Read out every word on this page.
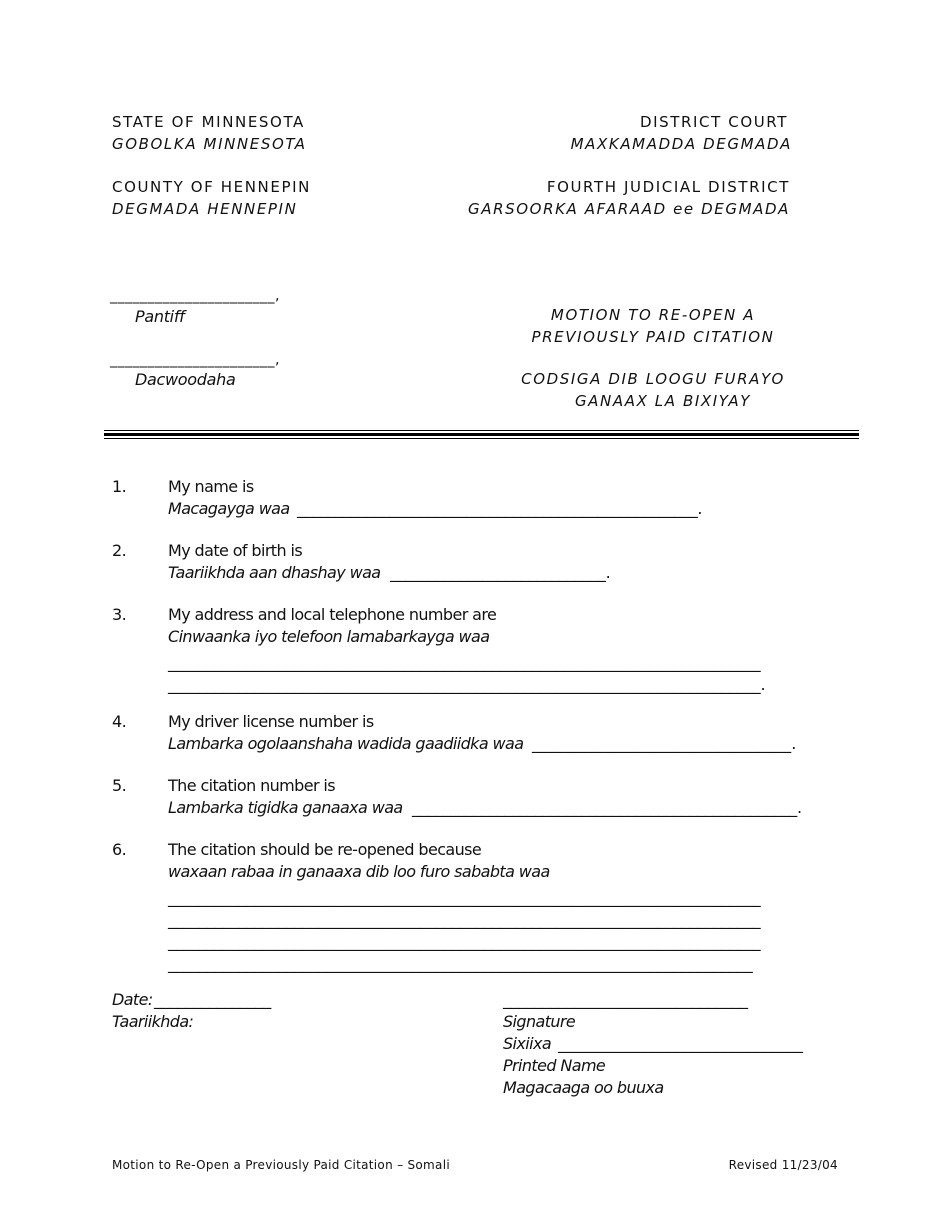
STATE OF MINNESOTA
GOBOLKA MINNESOTA
COUNTY OF HENNEPIN
DEGMADA HENNEPIN
DISTRICT COURT
MAXKAMADDA DEGMADA
FOURTH JUDICIAL DISTRICT
GARSOORKA AFARAAD ee DEGMADA
______________________,
Pantiff
______________________,
Dacwoodaha
MOTION TO RE-OPEN A
PREVIOUSLY PAID CITATION
CODSIGA DIB LOOGU FURAYO
GANAAX LA BIXIYAY
1.	My name is
Macagayga waa ____________________________________________________.
2.	My date of birth is
Taariikhda aan dhashay waa ____________________________.
3.	My address and local telephone number are
Cinwaanka iyo telefoon lamabarkayga waa
___________________________________________________________________________
___________________________________________________________________________.
4.	My driver license number is
Lambarka ogolaanshaha wadida gaadiidka waa ________________________________.
5.	The citation number is
Lambarka tigidka ganaaxa waa __________________________________________________.
6.	The citation should be re-opened because
waxaan rabaa in ganaaxa dib loo furo sababta waa
___________________________________________________________________________
___________________________________________________________________________
___________________________________________________________________________
__________________________________________________________________________
Date: _______________
Taariikhda:
_______________________________
Signature
Sixiixa _______________________________
Printed Name
Magacaaga oo buuxa
Motion to Re-Open a Previously Paid Citation – Somali	Revised 11/23/04
